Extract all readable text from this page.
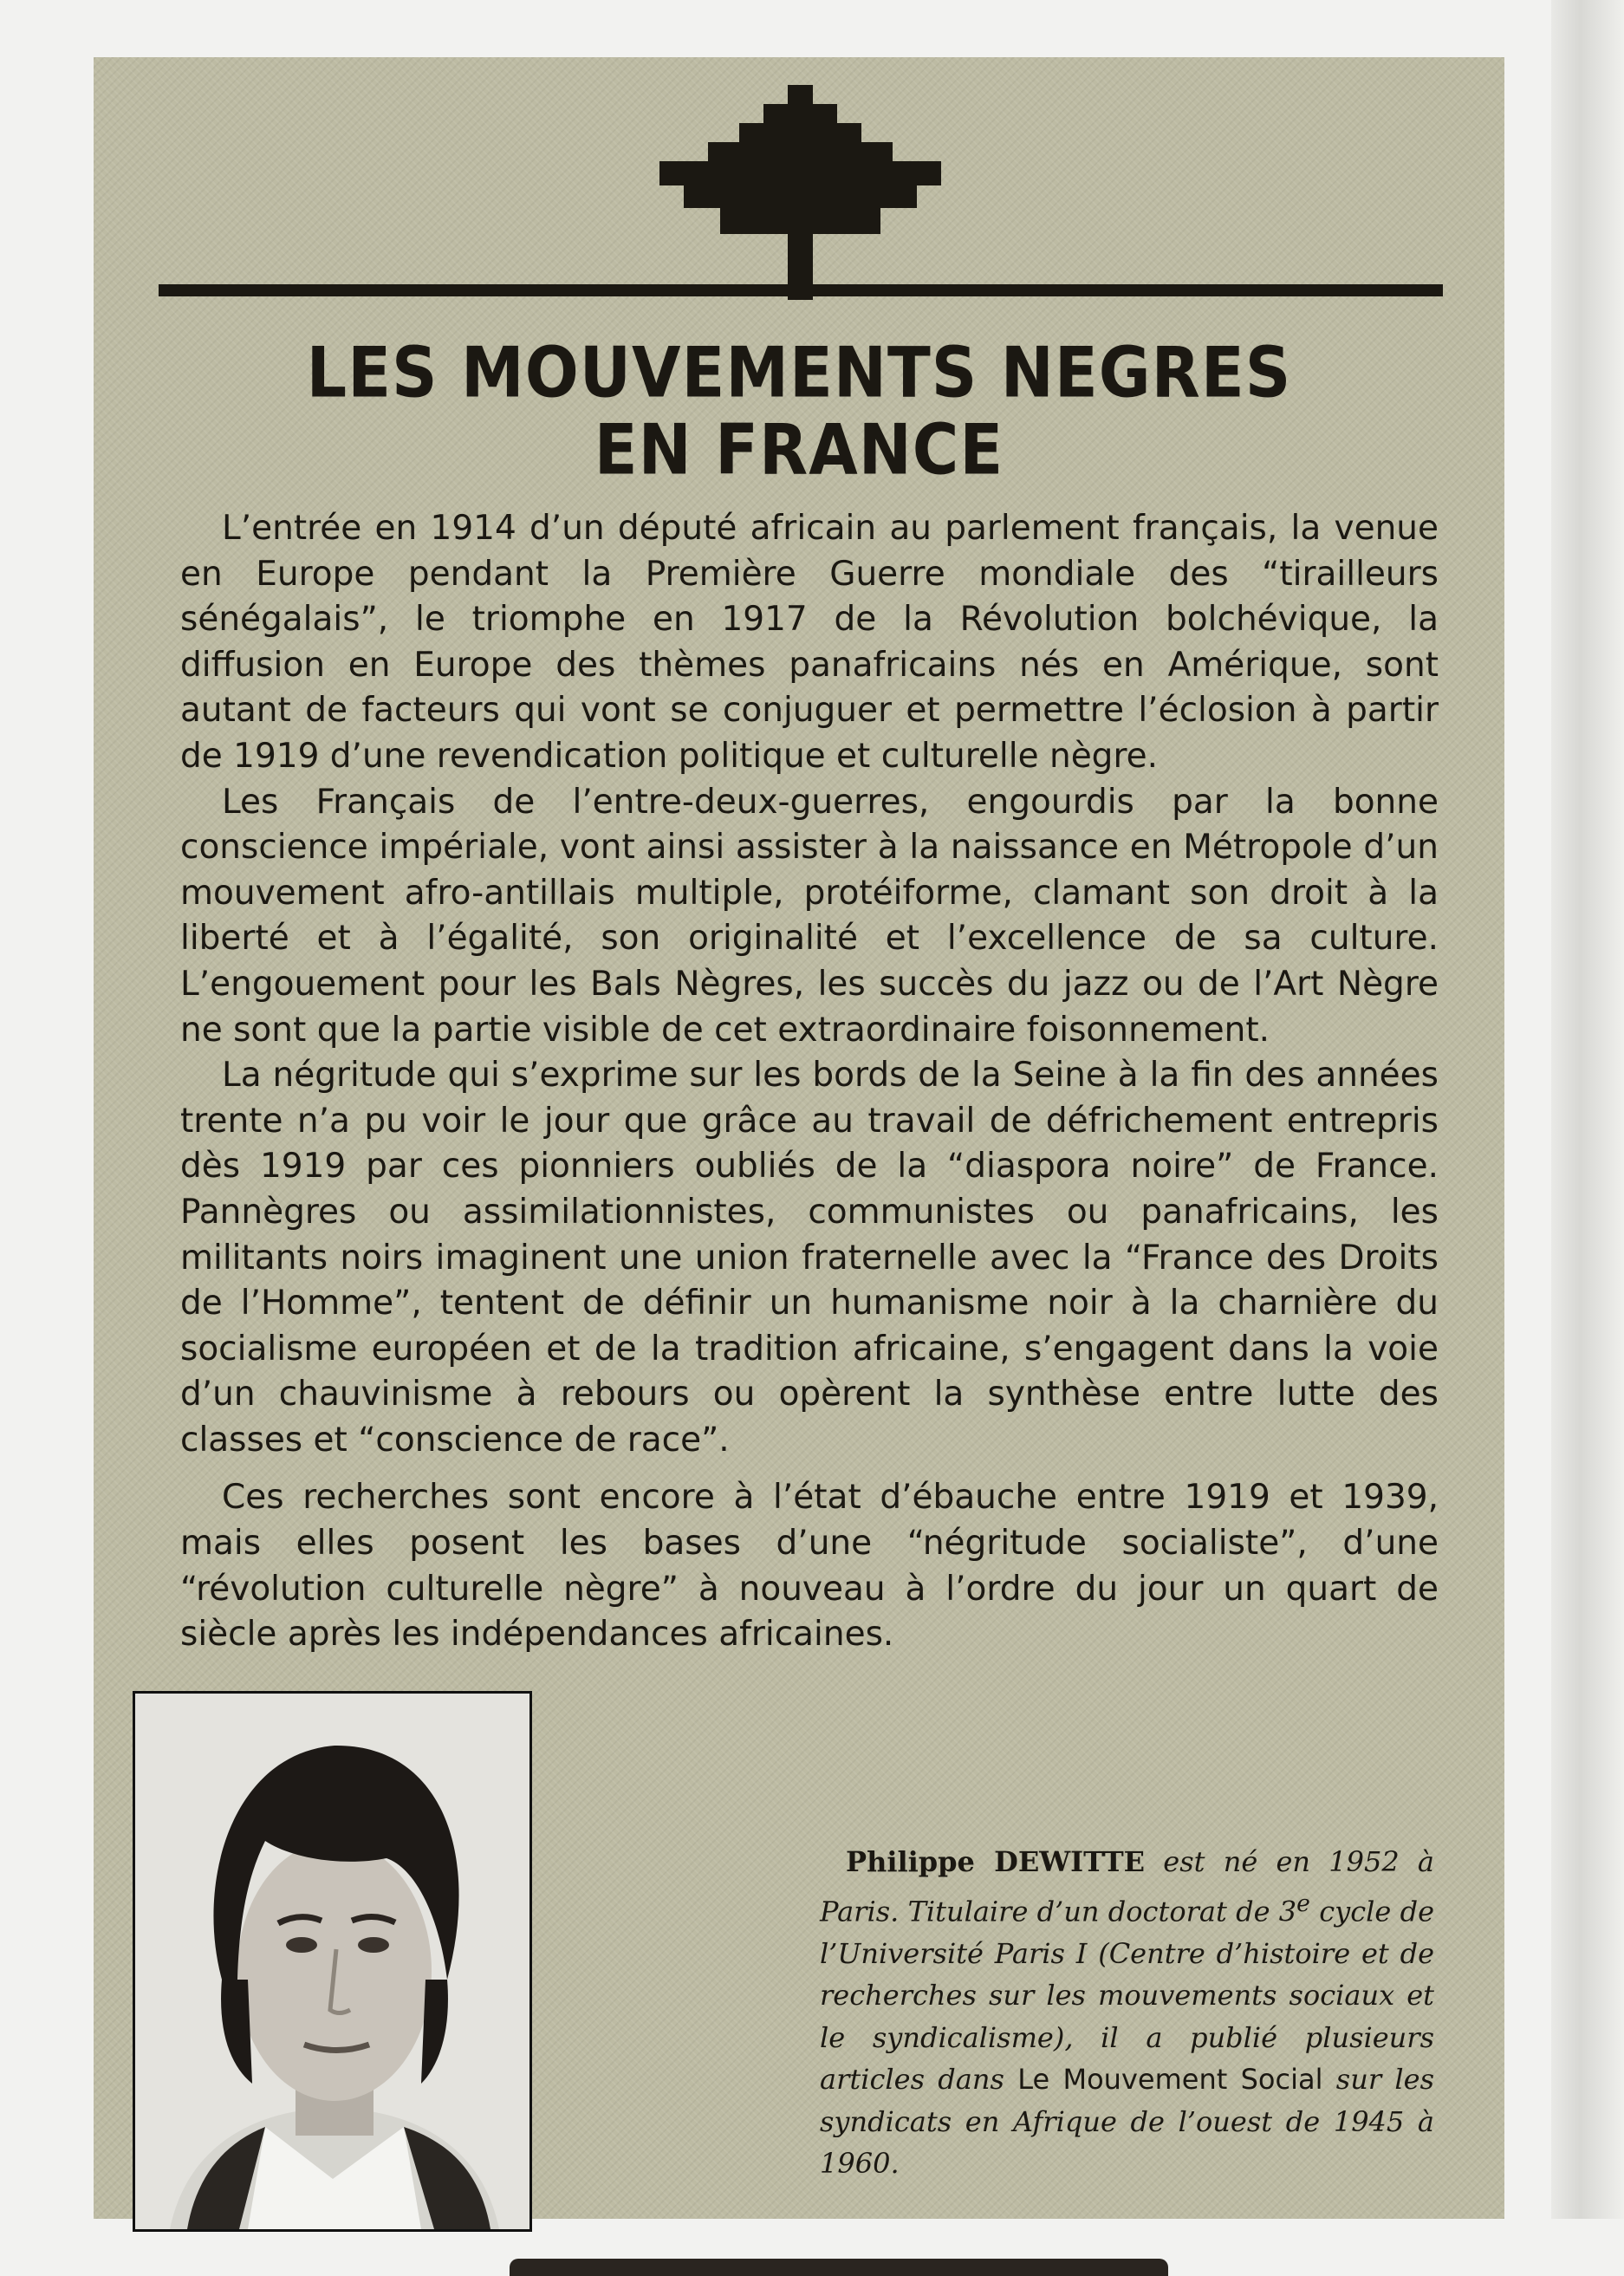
LES MOUVEMENTS NEGRES
EN FRANCE

L’entrée en 1914 d’un député africain au parlement français, la venue en Europe pendant la Première Guerre mondiale des “tirailleurs sénégalais”, le triomphe en 1917 de la Révolution bolchévique, la diffusion en Europe des thèmes panafricains nés en Amérique, sont autant de facteurs qui vont se conjuguer et permettre l’éclosion à partir de 1919 d’une revendication politique et culturelle nègre.

Les Français de l’entre-deux-guerres, engourdis par la bonne conscience impériale, vont ainsi assister à la naissance en Métropole d’un mouvement afro-antillais multiple, protéiforme, clamant son droit à la liberté et à l’égalité, son originalité et l’excellence de sa culture. L’engouement pour les Bals Nègres, les succès du jazz ou de l’Art Nègre ne sont que la partie visible de cet extraordinaire foisonnement.

La négritude qui s’exprime sur les bords de la Seine à la fin des années trente n’a pu voir le jour que grâce au travail de défrichement entrepris dès 1919 par ces pionniers oubliés de la “diaspora noire” de France. Pannègres ou assimilationnistes, communistes ou panafricains, les militants noirs imaginent une union fraternelle avec la “France des Droits de l’Homme”, tentent de définir un humanisme noir à la charnière du socialisme européen et de la tradition africaine, s’engagent dans la voie d’un chauvinisme à rebours ou opèrent la synthèse entre lutte des classes et “conscience de race”.

Ces recherches sont encore à l’état d’ébauche entre 1919 et 1939, mais elles posent les bases d’une “négritude socialiste”, d’une “révolution culturelle nègre” à nouveau à l’ordre du jour un quart de siècle après les indépendances africaines.

Philippe DEWITTE est né en 1952 à Paris. Titulaire d’un doctorat de 3e cycle de l’Université Paris I (Centre d’histoire et de recherches sur les mouvements sociaux et le syndicalisme), il a publié plusieurs articles dans Le Mouvement Social sur les syndicats en Afrique de l’ouest de 1945 à 1960.
